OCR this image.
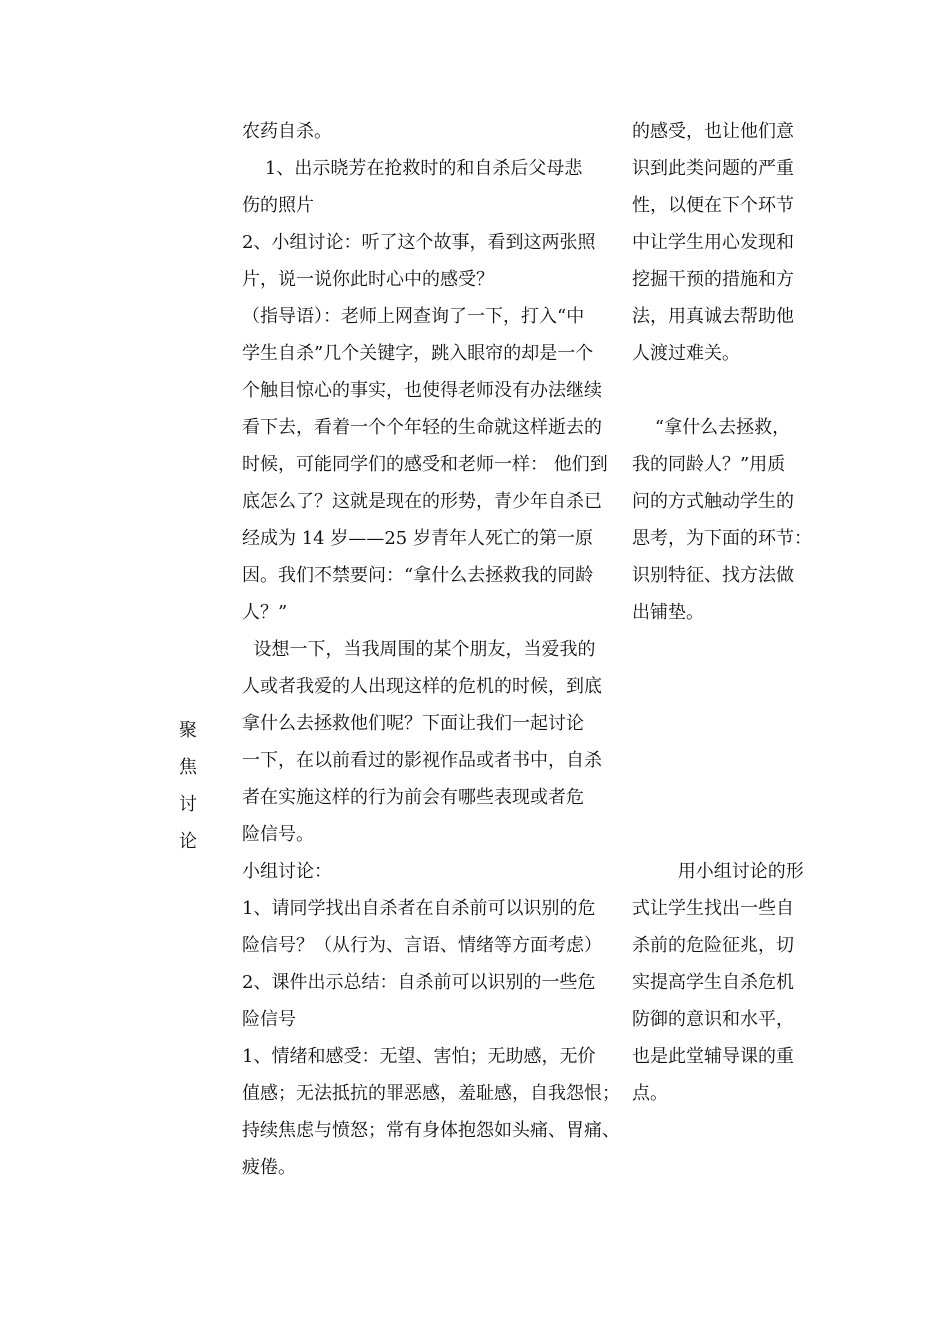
聚
焦
讨
论
农药自杀。
1、出示晓芳在抢救时的和自杀后父母悲
伤的照片
2、小组讨论：听了这个故事，看到这两张照
片，说一说你此时心中的感受？
（指导语）：老师上网查询了一下，打入“中
学生自杀”几个关键字，跳入眼帘的却是一个
个触目惊心的事实，也使得老师没有办法继续
看下去，看着一个个年轻的生命就这样逝去的
时候，可能同学们的感受和老师一样： 他们到
底怎么了？这就是现在的形势，青少年自杀已
经成为 14 岁——25 岁青年人死亡的第一原
因。我们不禁要问：“拿什么去拯救我的同龄
人？”
设想一下，当我周围的某个朋友，当爱我的
人或者我爱的人出现这样的危机的时候，到底
拿什么去拯救他们呢？下面让我们一起讨论
一下，在以前看过的影视作品或者书中，自杀
者在实施这样的行为前会有哪些表现或者危
险信号。
小组讨论：
1、请同学找出自杀者在自杀前可以识别的危
险信号？（从行为、言语、情绪等方面考虑）
2、课件出示总结：自杀前可以识别的一些危
险信号
1、情绪和感受：无望、害怕；无助感，无价
值感；无法抵抗的罪恶感，羞耻感，自我怨恨；
持续焦虑与愤怒；常有身体抱怨如头痛、胃痛、
疲倦。
的感受，也让他们意
识到此类问题的严重
性，以便在下个环节
中让学生用心发现和
挖掘干预的措施和方
法，用真诚去帮助他
人渡过难关。
“拿什么去拯救，
我的同龄人？”用质
问的方式触动学生的
思考，为下面的环节：
识别特征、找方法做
出铺垫。
用小组讨论的形
式让学生找出一些自
杀前的危险征兆，切
实提高学生自杀危机
防御的意识和水平，
也是此堂辅导课的重
点。
